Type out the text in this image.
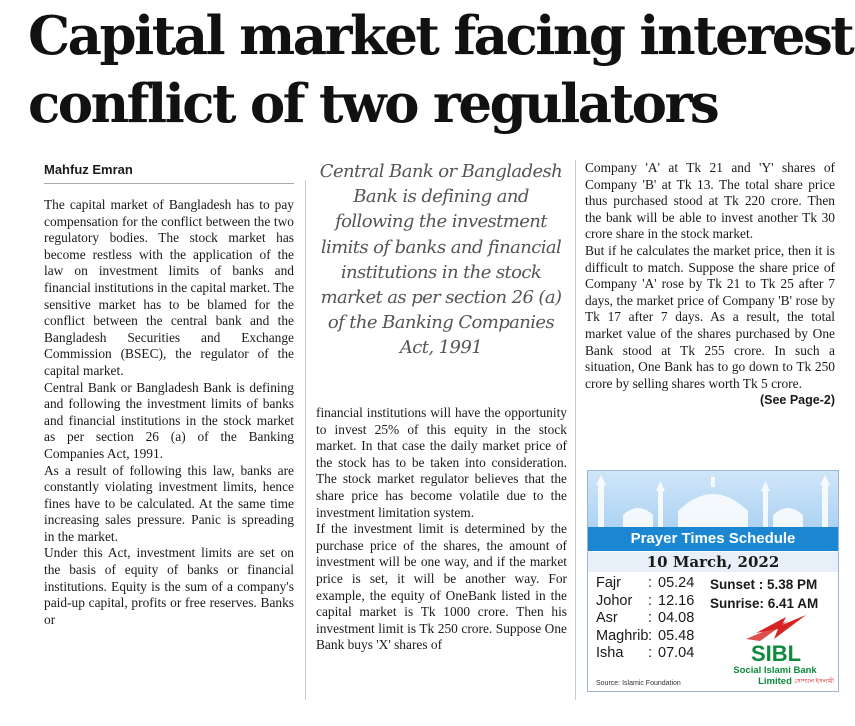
Capital market facing interest
conflict of two regulators
Mahfuz Emran

The capital market of Bangladesh has to pay compensation for the conflict between the two regulatory bodies. The stock market has become restless with the application of the law on investment limits of banks and financial institutions in the capital market. The sensitive market has to be blamed for the conflict between the central bank and the Bangladesh Securities and Exchange Commission (BSEC), the regulator of the capital market.

Central Bank or Bangladesh Bank is defining and following the investment limits of banks and financial institutions in the stock market as per section 26 (a) of the Banking Companies Act, 1991.

As a result of following this law, banks are constantly violating investment limits, hence fines have to be calculated. At the same time increasing sales pressure. Panic is spreading in the market.

Under this Act, investment limits are set on the basis of equity of banks or financial institutions. Equity is the sum of a company's paid-up capital, profits or free reserves. Banks or

Central Bank or Bangladesh Bank is defining and following the investment limits of banks and financial institutions in the stock market as per section 26 (a) of the Banking Companies Act, 1991

financial institutions will have the opportunity to invest 25% of this equity in the stock market. In that case the daily market price of the stock has to be taken into consideration. The stock market regulator believes that the share price has become volatile due to the investment limitation system.

If the investment limit is determined by the purchase price of the shares, the amount of investment will be one way, and if the market price is set, it will be another way. For example, the equity of OneBank listed in the capital market is Tk 1000 crore. Then his investment limit is Tk 250 crore. Suppose One Bank buys 'X' shares of

Company 'A' at Tk 21 and 'Y' shares of Company 'B' at Tk 13. The total share price thus purchased stood at Tk 220 crore. Then the bank will be able to invest another Tk 30 crore share in the stock market.

But if he calculates the market price, then it is difficult to match. Suppose the share price of Company 'A' rose by Tk 21 to Tk 25 after 7 days, the market price of Company 'B' rose by Tk 17 after 7 days. As a result, the total market value of the shares purchased by One Bank stood at Tk 255 crore. In such a situation, One Bank has to go down to Tk 250 crore by selling shares worth Tk 5 crore.
(See Page-2)

Prayer Times Schedule
10 March, 2022
Fajr	: 05.24
Johor	: 12.16
Asr	: 04.08
Maghrib : 05.48
Isha	: 07.04
Sunset : 5.38 PM
Sunrise: 6.41 AM
SIBL
Social Islami Bank Limited সোশ্যাল ইসলামী
Source: Islamic Foundation
